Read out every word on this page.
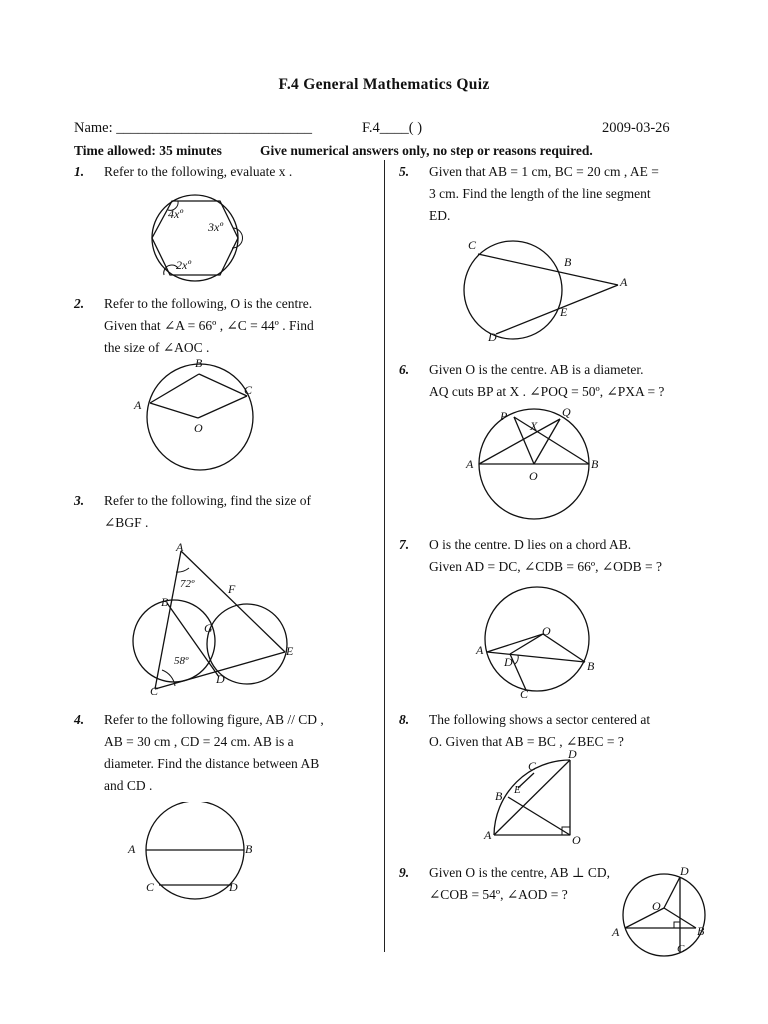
F.4 General Mathematics Quiz
Name: ___________________________	F.4____( )	2009-03-26
Time allowed: 35 minutes	Give numerical answers only, no step or reasons required.
1. Refer to the following, evaluate x .
4xº
3xº
2xº
2. Refer to the following, O is the centre.
Given that ∠A = 66º , ∠C = 44º . Find
the size of ∠AOC .
A
B
C
O
3. Refer to the following, find the size of
∠BGF .
A
B
C
D
E
F
G
72º
58º
4. Refer to the following figure, AB // CD ,
AB = 30 cm , CD = 24 cm. AB is a
diameter. Find the distance between AB
and CD .
A	B
C	D
5. Given that AB = 1 cm, BC = 20 cm , AE =
3 cm. Find the length of the line segment
ED.
C
B
A
E
D
6. Given O is the centre. AB is a diameter.
AQ cuts BP at X . ∠POQ = 50º, ∠PXA = ?
P	Q
X
A	B
O
7. O is the centre. D lies on a chord AB.
Given AD = DC, ∠CDB = 66º, ∠ODB = ?
A
D
O
B
C
8. The following shows a sector centered at
O. Given that AB = BC , ∠BEC = ?
D
C
B E
A	O
9. Given O is the centre, AB ⊥ CD,
∠COB = 54º, ∠AOD = ?
D
O
A	B
C
